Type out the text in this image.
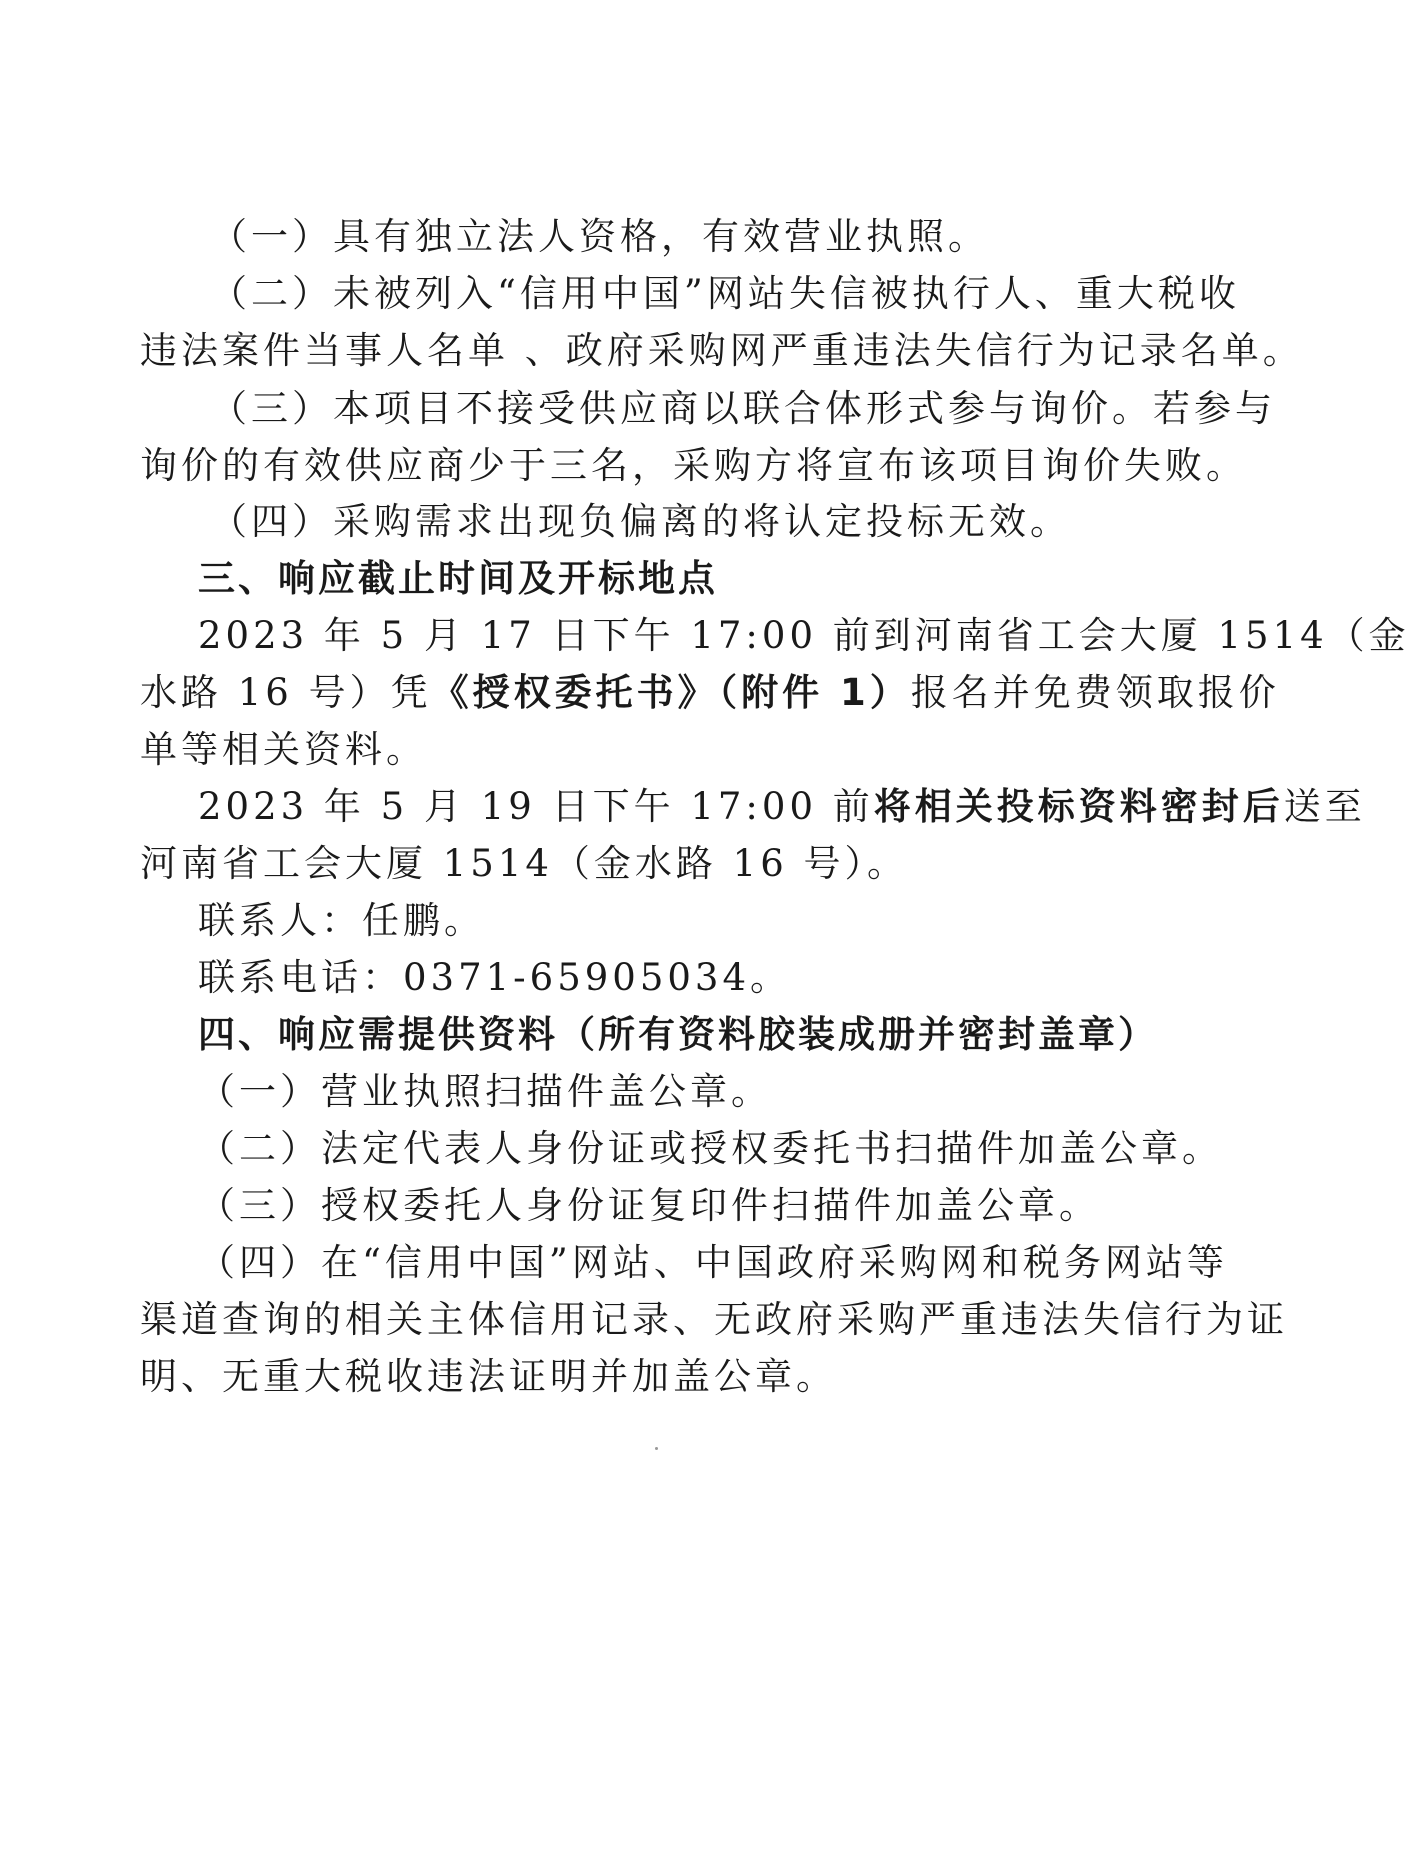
（一）具有独立法人资格，有效营业执照。
（二）未被列入“信用中国”网站失信被执行人、重大税收
违法案件当事人名单 、政府采购网严重违法失信行为记录名单。
（三）本项目不接受供应商以联合体形式参与询价。若参与
询价的有效供应商少于三名，采购方将宣布该项目询价失败。
（四）采购需求出现负偏离的将认定投标无效。
三、响应截止时间及开标地点
2023 年 5 月 17 日下午 17:00 前到河南省工会大厦 1514（金
水路 16 号）凭《授权委托书》（附件 1）报名并免费领取报价
单等相关资料。
2023 年 5 月 19 日下午 17:00 前将相关投标资料密封后送至
河南省工会大厦 1514（金水路 16 号）。
联系人：任鹏。
联系电话：0371-65905034。
四、响应需提供资料（所有资料胶装成册并密封盖章）
（一）营业执照扫描件盖公章。
（二）法定代表人身份证或授权委托书扫描件加盖公章。
（三）授权委托人身份证复印件扫描件加盖公章。
（四）在“信用中国”网站、中国政府采购网和税务网站等
渠道查询的相关主体信用记录、无政府采购严重违法失信行为证
明、无重大税收违法证明并加盖公章。
